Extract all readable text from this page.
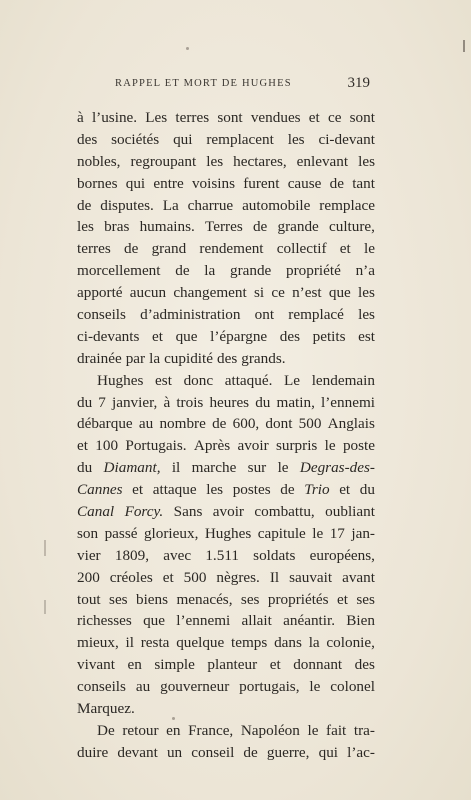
RAPPEL ET MORT DE HUGHES	319
à l’usine. Les terres sont vendues et ce sont
des sociétés qui remplacent les ci-devant
nobles, regroupant les hectares, enlevant les
bornes qui entre voisins furent cause de tant
de disputes. La charrue automobile remplace
les bras humains. Terres de grande culture,
terres de grand rendement collectif et le
morcellement de la grande propriété n’a
apporté aucun changement si ce n’est que les
conseils d’administration ont remplacé les
ci-devants et que l’épargne des petits est
drainée par la cupidité des grands.
Hughes est donc attaqué. Le lendemain
du 7 janvier, à trois heures du matin, l’ennemi
débarque au nombre de 600, dont 500 Anglais
et 100 Portugais. Après avoir surpris le poste
du Diamant, il marche sur le Degras-des-
Cannes et attaque les postes de Trio et du
Canal Forcy. Sans avoir combattu, oubliant
son passé glorieux, Hughes capitule le 17 jan-
vier 1809, avec 1.511 soldats européens,
200 créoles et 500 nègres. Il sauvait avant
tout ses biens menacés, ses propriétés et ses
richesses que l’ennemi allait anéantir. Bien
mieux, il resta quelque temps dans la colonie,
vivant en simple planteur et donnant des
conseils au gouverneur portugais, le colonel
Marquez.
De retour en France, Napoléon le fait tra-
duire devant un conseil de guerre, qui l’ac-
